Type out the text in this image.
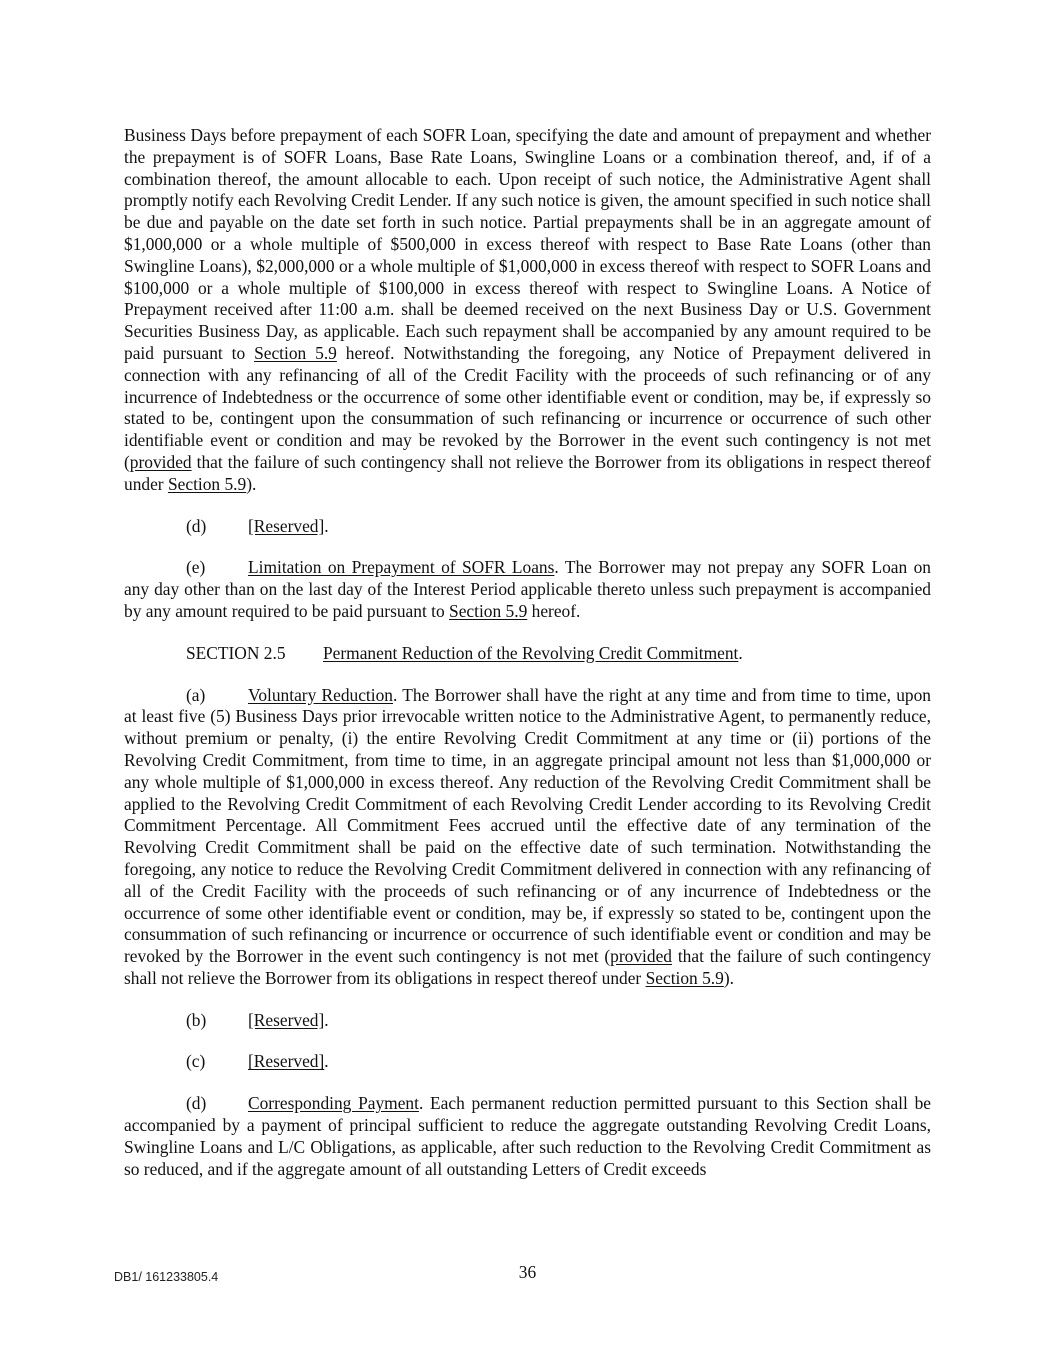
Business Days before prepayment of each SOFR Loan, specifying the date and amount of prepayment and whether the prepayment is of SOFR Loans, Base Rate Loans, Swingline Loans or a combination thereof, and, if of a combination thereof, the amount allocable to each. Upon receipt of such notice, the Administrative Agent shall promptly notify each Revolving Credit Lender. If any such notice is given, the amount specified in such notice shall be due and payable on the date set forth in such notice. Partial prepayments shall be in an aggregate amount of $1,000,000 or a whole multiple of $500,000 in excess thereof with respect to Base Rate Loans (other than Swingline Loans), $2,000,000 or a whole multiple of $1,000,000 in excess thereof with respect to SOFR Loans and $100,000 or a whole multiple of $100,000 in excess thereof with respect to Swingline Loans. A Notice of Prepayment received after 11:00 a.m. shall be deemed received on the next Business Day or U.S. Government Securities Business Day, as applicable. Each such repayment shall be accompanied by any amount required to be paid pursuant to Section 5.9 hereof. Notwithstanding the foregoing, any Notice of Prepayment delivered in connection with any refinancing of all of the Credit Facility with the proceeds of such refinancing or of any incurrence of Indebtedness or the occurrence of some other identifiable event or condition, may be, if expressly so stated to be, contingent upon the consummation of such refinancing or incurrence or occurrence of such other identifiable event or condition and may be revoked by the Borrower in the event such contingency is not met (provided that the failure of such contingency shall not relieve the Borrower from its obligations in respect thereof under Section 5.9).

(d) [Reserved].

(e) Limitation on Prepayment of SOFR Loans. The Borrower may not prepay any SOFR Loan on any day other than on the last day of the Interest Period applicable thereto unless such prepayment is accompanied by any amount required to be paid pursuant to Section 5.9 hereof.

SECTION 2.5 Permanent Reduction of the Revolving Credit Commitment.

(a) Voluntary Reduction. The Borrower shall have the right at any time and from time to time, upon at least five (5) Business Days prior irrevocable written notice to the Administrative Agent, to permanently reduce, without premium or penalty, (i) the entire Revolving Credit Commitment at any time or (ii) portions of the Revolving Credit Commitment, from time to time, in an aggregate principal amount not less than $1,000,000 or any whole multiple of $1,000,000 in excess thereof. Any reduction of the Revolving Credit Commitment shall be applied to the Revolving Credit Commitment of each Revolving Credit Lender according to its Revolving Credit Commitment Percentage. All Commitment Fees accrued until the effective date of any termination of the Revolving Credit Commitment shall be paid on the effective date of such termination. Notwithstanding the foregoing, any notice to reduce the Revolving Credit Commitment delivered in connection with any refinancing of all of the Credit Facility with the proceeds of such refinancing or of any incurrence of Indebtedness or the occurrence of some other identifiable event or condition, may be, if expressly so stated to be, contingent upon the consummation of such refinancing or incurrence or occurrence of such identifiable event or condition and may be revoked by the Borrower in the event such contingency is not met (provided that the failure of such contingency shall not relieve the Borrower from its obligations in respect thereof under Section 5.9).

(b) [Reserved].

(c) [Reserved].

(d) Corresponding Payment. Each permanent reduction permitted pursuant to this Section shall be accompanied by a payment of principal sufficient to reduce the aggregate outstanding Revolving Credit Loans, Swingline Loans and L/C Obligations, as applicable, after such reduction to the Revolving Credit Commitment as so reduced, and if the aggregate amount of all outstanding Letters of Credit exceeds

DB1/ 161233805.4	36
